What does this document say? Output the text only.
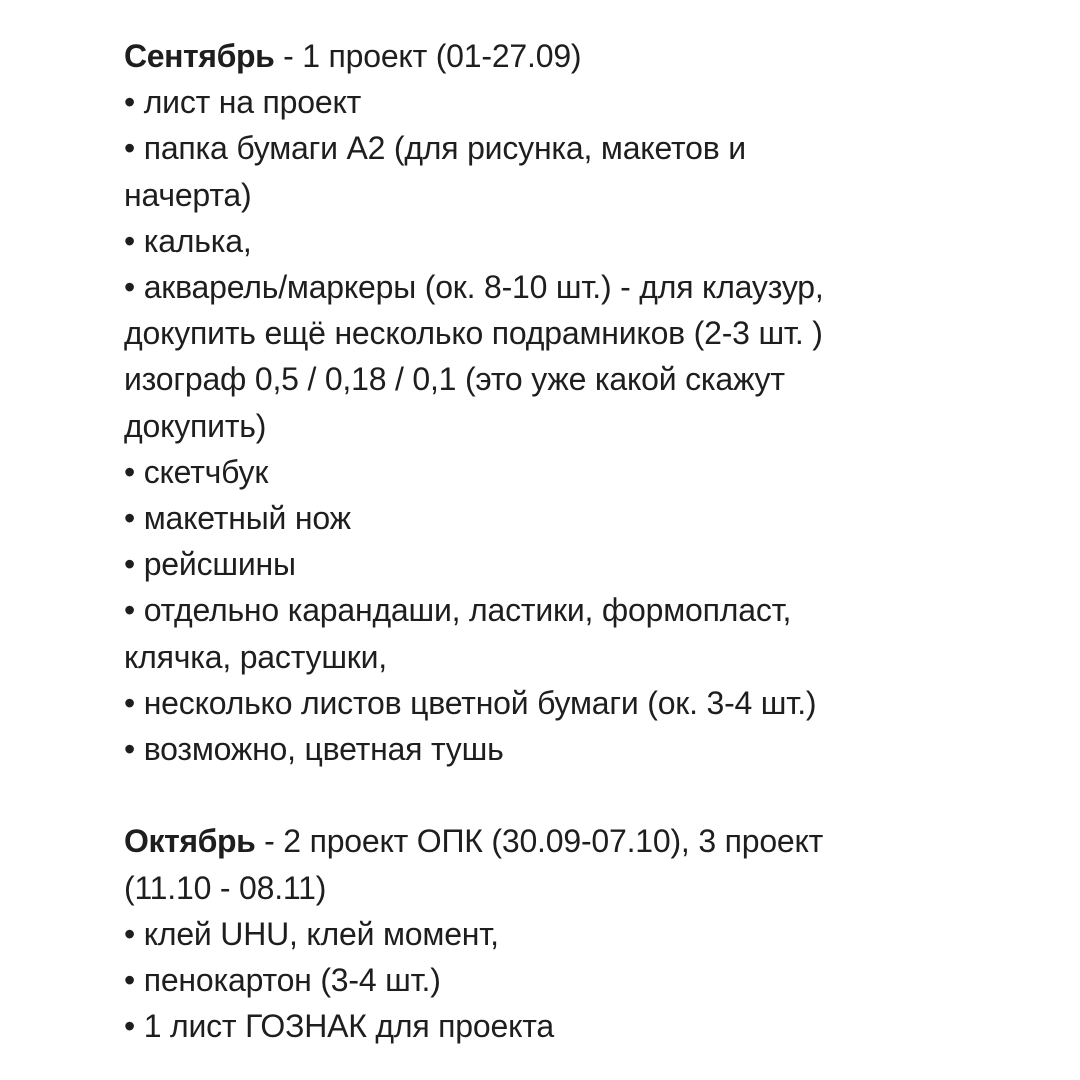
Сентябрь - 1 проект (01-27.09)
• лист на проект
• папка бумаги А2 (для рисунка, макетов и
начерта)
• калька,
• акварель/маркеры (ок. 8-10 шт.) - для клаузур,
докупить ещё несколько подрамников (2-3 шт. )
изограф 0,5 / 0,18 / 0,1 (это уже какой скажут
докупить)
• скетчбук
• макетный нож
• рейсшины
• отдельно карандаши, ластики, формопласт,
клячка, растушки,
• несколько листов цветной бумаги (ок. 3-4 шт.)
• возможно, цветная тушь
Октябрь - 2 проект ОПК (30.09-07.10), 3 проект
(11.10 - 08.11)
• клей UHU, клей момент,
• пенокартон (3-4 шт.)
• 1 лист ГОЗНАК для проекта
